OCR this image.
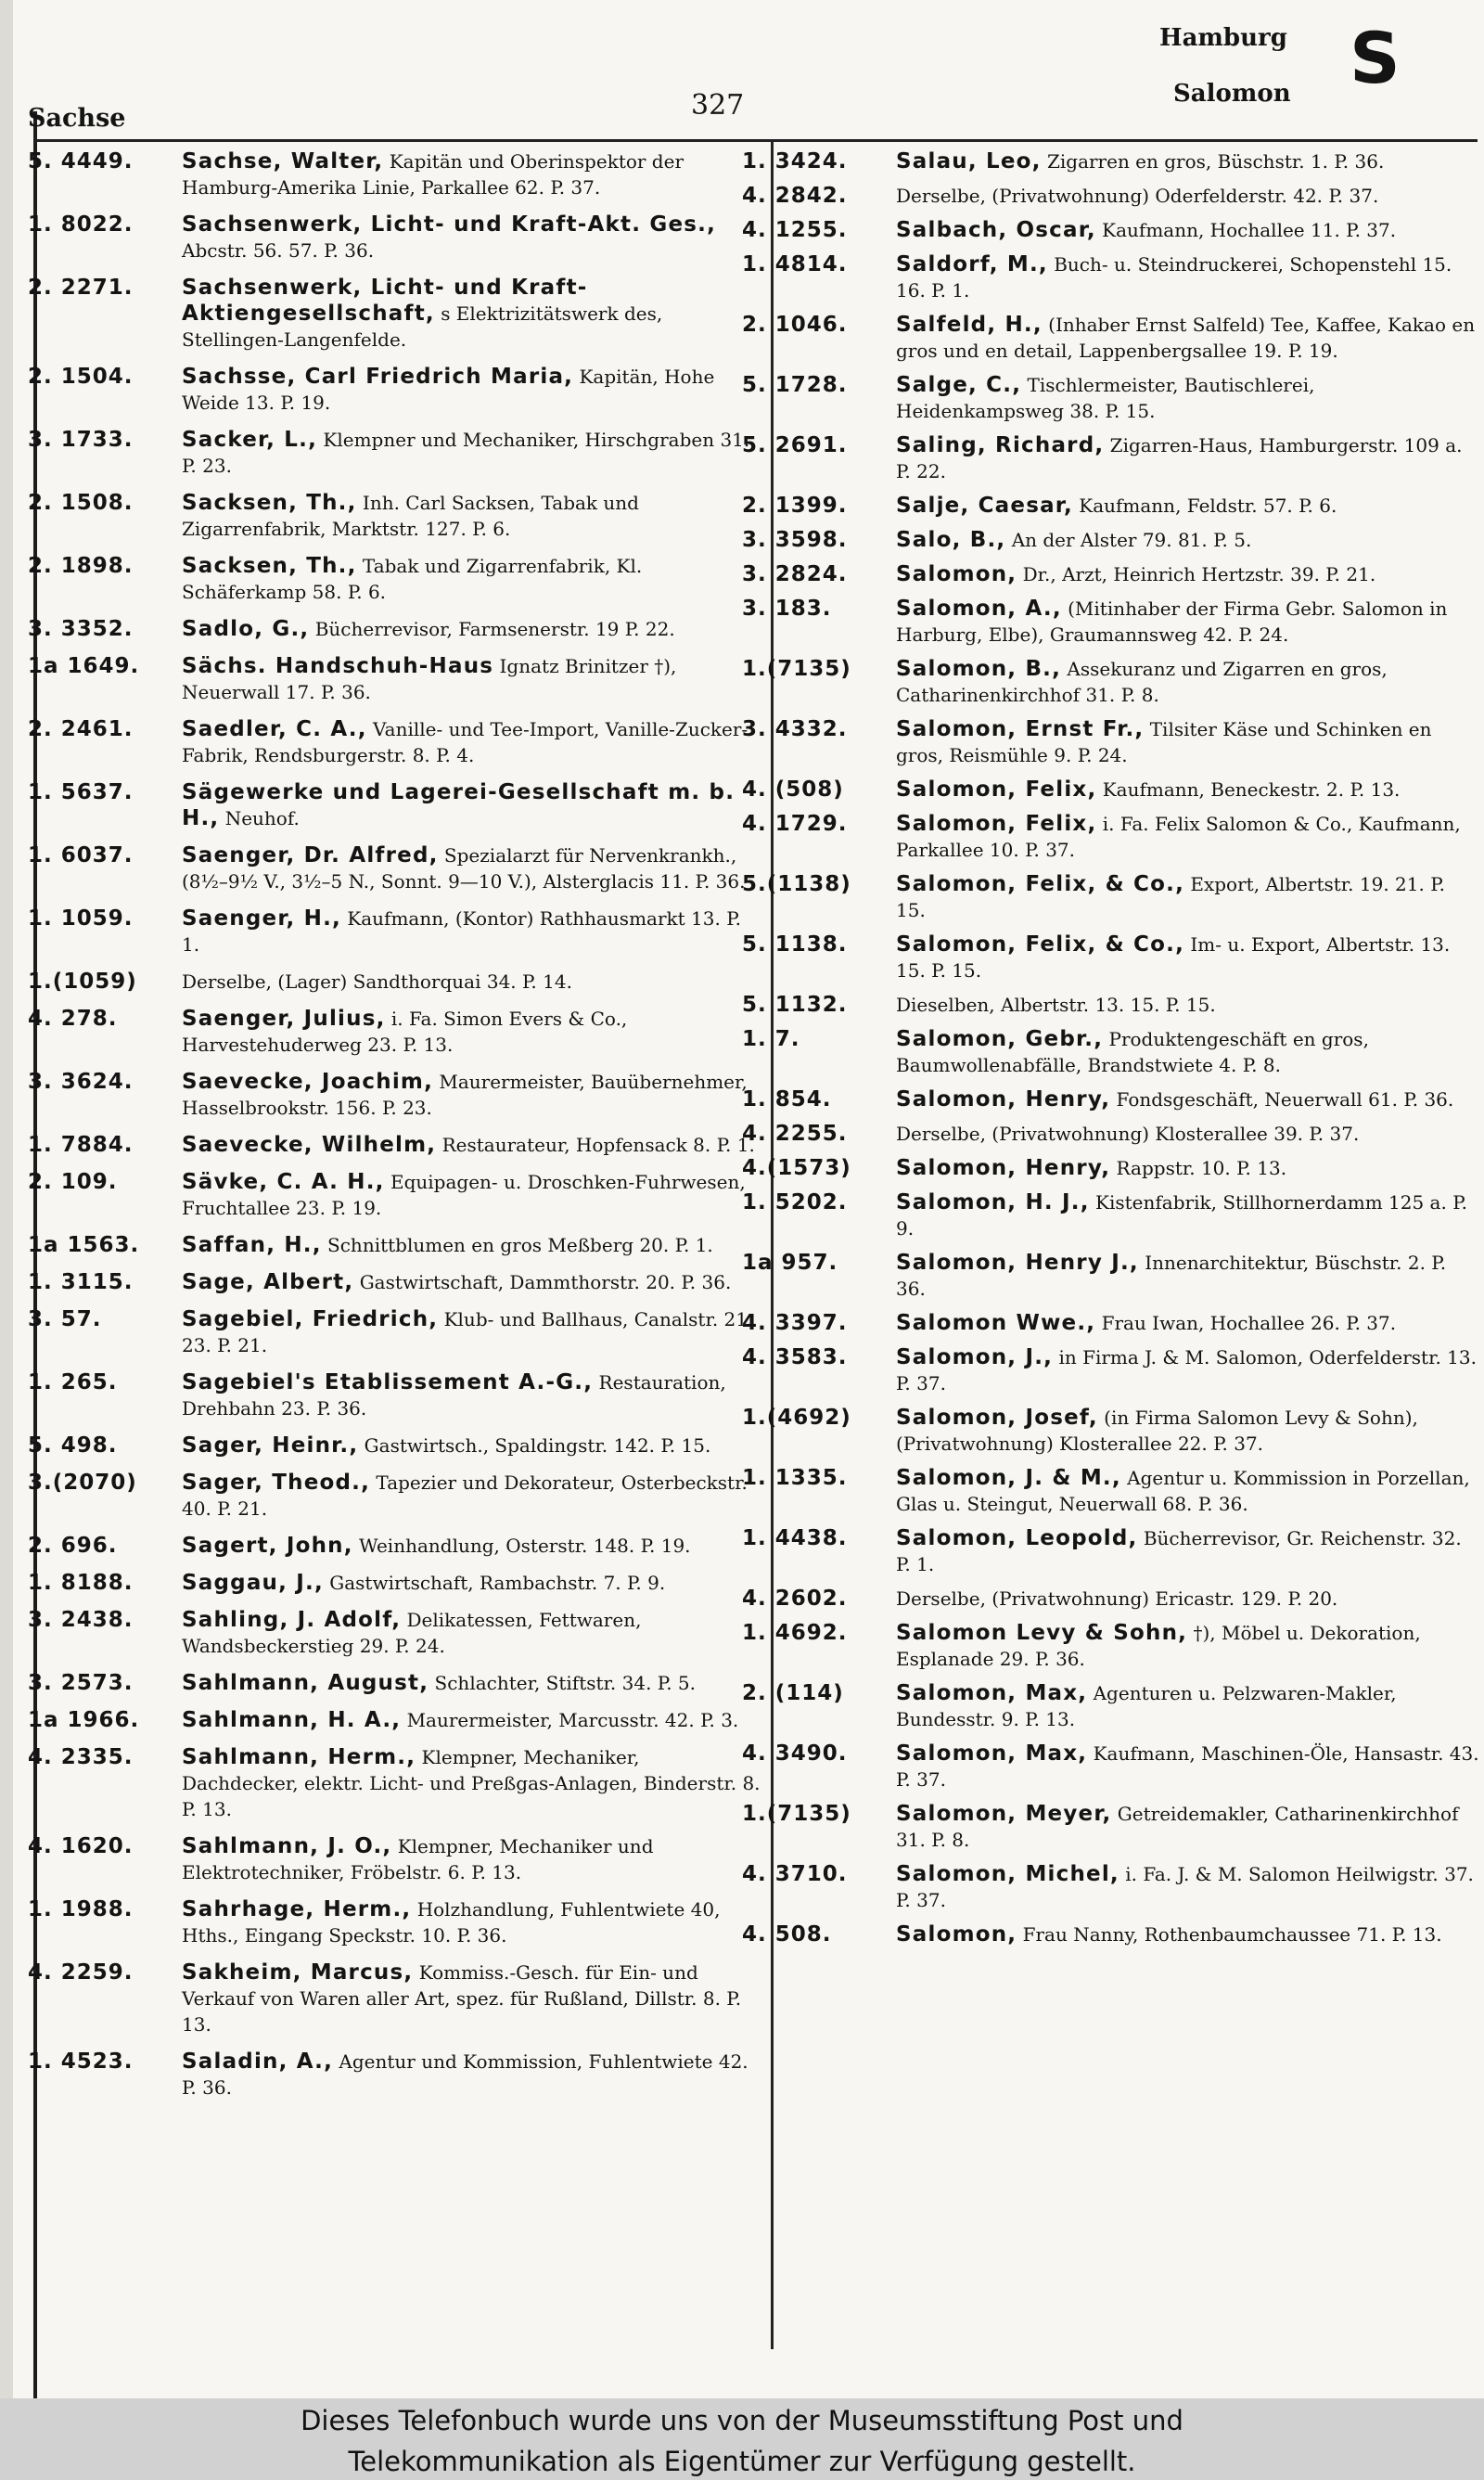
Sachse	327
Hamburg
Salomon S
5. 4449.	Sachse, Walter, Kapitän und Oberinspektor der Hamburg-Amerika Linie, Parkallee 62. P. 37.
1. 8022.	Sachsenwerk, Licht- und Kraft-Akt. Ges., Abcstr. 56. 57. P. 36.
2. 2271.	Sachsenwerk, Licht- und Kraft-Aktiengesellschaft, s Elektrizitätswerk des, Stellingen-Langenfelde.
2. 1504.	Sachsse, Carl Friedrich Maria, Kapitän, Hohe Weide 13. P. 19.
3. 1733.	Sacker, L., Klempner und Mechaniker, Hirschgraben 31. P. 23.
2. 1508.	Sacksen, Th., Inh. Carl Sacksen, Tabak und Zigarrenfabrik, Marktstr. 127. P. 6.
2. 1898.	Sacksen, Th., Tabak und Zigarrenfabrik, Kl. Schäferkamp 58. P. 6.
3. 3352.	Sadlo, G., Bücherrevisor, Farmsenerstr. 19 P. 22.
1a 1649.	Sächs. Handschuh-Haus Ignatz Brinitzer †), Neuerwall 17. P. 36.
2. 2461.	Saedler, C. A., Vanille- und Tee-Import, Vanille-Zucker-Fabrik, Rendsburgerstr. 8. P. 4.
1. 5637.	Sägewerke und Lagerei-Gesellschaft m. b. H., Neuhof.
1. 6037.	Saenger, Dr. Alfred, Spezialarzt für Nervenkrankh., (8½–9½ V., 3½–5 N., Sonnt. 9—10 V.), Alsterglacis 11. P. 36.
1. 1059.	Saenger, H., Kaufmann, (Kontor) Rathhausmarkt 13. P. 1.
1.(1059)	Derselbe, (Lager) Sandthorquai 34. P. 14.
4. 278.	Saenger, Julius, i. Fa. Simon Evers & Co., Harvestehuderweg 23. P. 13.
3. 3624.	Saevecke, Joachim, Maurermeister, Bauübernehmer, Hasselbrookstr. 156. P. 23.
1. 7884.	Saevecke, Wilhelm, Restaurateur, Hopfensack 8. P. 1.
2. 109.	Sävke, C. A. H., Equipagen- u. Droschken-Fuhrwesen, Fruchtallee 23. P. 19.
1a 1563.	Saffan, H., Schnittblumen en gros Meßberg 20. P. 1.
1. 3115.	Sage, Albert, Gastwirtschaft, Dammthorstr. 20. P. 36.
3. 57.	Sagebiel, Friedrich, Klub- und Ballhaus, Canalstr. 21. 23. P. 21.
1. 265.	Sagebiel's Etablissement A.-G., Restauration, Drehbahn 23. P. 36.
5. 498.	Sager, Heinr., Gastwirtsch., Spaldingstr. 142. P. 15.
3.(2070)	Sager, Theod., Tapezier und Dekorateur, Osterbeckstr. 40. P. 21.
2. 696.	Sagert, John, Weinhandlung, Osterstr. 148. P. 19.
1. 8188.	Saggau, J., Gastwirtschaft, Rambachstr. 7. P. 9.
3. 2438.	Sahling, J. Adolf, Delikatessen, Fettwaren, Wandsbeckerstieg 29. P. 24.
3. 2573.	Sahlmann, August, Schlachter, Stiftstr. 34. P. 5.
1a 1966.	Sahlmann, H. A., Maurermeister, Marcusstr. 42. P. 3.
4. 2335.	Sahlmann, Herm., Klempner, Mechaniker, Dachdecker, elektr. Licht- und Preßgas-Anlagen, Binderstr. 8. P. 13.
4. 1620.	Sahlmann, J. O., Klempner, Mechaniker und Elektrotechniker, Fröbelstr. 6. P. 13.
1. 1988.	Sahrhage, Herm., Holzhandlung, Fuhlentwiete 40, Hths., Eingang Speckstr. 10. P. 36.
4. 2259.	Sakheim, Marcus, Kommiss.-Gesch. für Ein- und Verkauf von Waren aller Art, spez. für Rußland, Dillstr. 8. P. 13.
1. 4523.	Saladin, A., Agentur und Kommission, Fuhlentwiete 42. P. 36.
1. 3424.	Salau, Leo, Zigarren en gros, Büschstr. 1. P. 36.
4. 2842.	Derselbe, (Privatwohnung) Oderfelderstr. 42. P. 37.
4. 1255.	Salbach, Oscar, Kaufmann, Hochallee 11. P. 37.
1. 4814.	Saldorf, M., Buch- u. Steindruckerei, Schopenstehl 15. 16. P. 1.
2. 1046.	Salfeld, H., (Inhaber Ernst Salfeld) Tee, Kaffee, Kakao en gros und en detail, Lappenbergsallee 19. P. 19.
5. 1728.	Salge, C., Tischlermeister, Bautischlerei, Heidenkampsweg 38. P. 15.
5. 2691.	Saling, Richard, Zigarren-Haus, Hamburgerstr. 109 a. P. 22.
2. 1399.	Salje, Caesar, Kaufmann, Feldstr. 57. P. 6.
3. 3598.	Salo, B., An der Alster 79. 81. P. 5.
3. 2824.	Salomon, Dr., Arzt, Heinrich Hertzstr. 39. P. 21.
3. 183.	Salomon, A., (Mitinhaber der Firma Gebr. Salomon in Harburg, Elbe), Graumannsweg 42. P. 24.
1.(7135)	Salomon, B., Assekuranz und Zigarren en gros, Catharinenkirchhof 31. P. 8.
3. 4332.	Salomon, Ernst Fr., Tilsiter Käse und Schinken en gros, Reismühle 9. P. 24.
4. (508)	Salomon, Felix, Kaufmann, Beneckestr. 2. P. 13.
4. 1729.	Salomon, Felix, i. Fa. Felix Salomon & Co., Kaufmann, Parkallee 10. P. 37.
5.(1138)	Salomon, Felix, & Co., Export, Albertstr. 19. 21. P. 15.
5. 1138.	Salomon, Felix, & Co., Im- u. Export, Albertstr. 13. 15. P. 15.
5. 1132.	Dieselben, Albertstr. 13. 15. P. 15.
1. 7.	Salomon, Gebr., Produktengeschäft en gros, Baumwollenabfälle, Brandstwiete 4. P. 8.
1. 854.	Salomon, Henry, Fondsgeschäft, Neuerwall 61. P. 36.
4. 2255.	Derselbe, (Privatwohnung) Klosterallee 39. P. 37.
4.(1573)	Salomon, Henry, Rappstr. 10. P. 13.
1. 5202.	Salomon, H. J., Kistenfabrik, Stillhornerdamm 125 a. P. 9.
1a 957.	Salomon, Henry J., Innenarchitektur, Büschstr. 2. P. 36.
4. 3397.	Salomon Wwe., Frau Iwan, Hochallee 26. P. 37.
4. 3583.	Salomon, J., in Firma J. & M. Salomon, Oderfelderstr. 13. P. 37.
1.(4692)	Salomon, Josef, (in Firma Salomon Levy & Sohn), (Privatwohnung) Klosterallee 22. P. 37.
1. 1335.	Salomon, J. & M., Agentur u. Kommission in Porzellan, Glas u. Steingut, Neuerwall 68. P. 36.
1. 4438.	Salomon, Leopold, Bücherrevisor, Gr. Reichenstr. 32. P. 1.
4. 2602.	Derselbe, (Privatwohnung) Ericastr. 129. P. 20.
1. 4692.	Salomon Levy & Sohn, †), Möbel u. Dekoration, Esplanade 29. P. 36.
2. (114)	Salomon, Max, Agenturen u. Pelzwaren-Makler, Bundesstr. 9. P. 13.
4. 3490.	Salomon, Max, Kaufmann, Maschinen-Öle, Hansastr. 43. P. 37.
1.(7135)	Salomon, Meyer, Getreidemakler, Catharinenkirchhof 31. P. 8.
4. 3710.	Salomon, Michel, i. Fa. J. & M. Salomon Heilwigstr. 37. P. 37.
4. 508.	Salomon, Frau Nanny, Rothenbaumchaussee 71. P. 13.
Dieses Telefonbuch wurde uns von der Museumsstiftung Post und
Telekommunikation als Eigentümer zur Verfügung gestellt.
